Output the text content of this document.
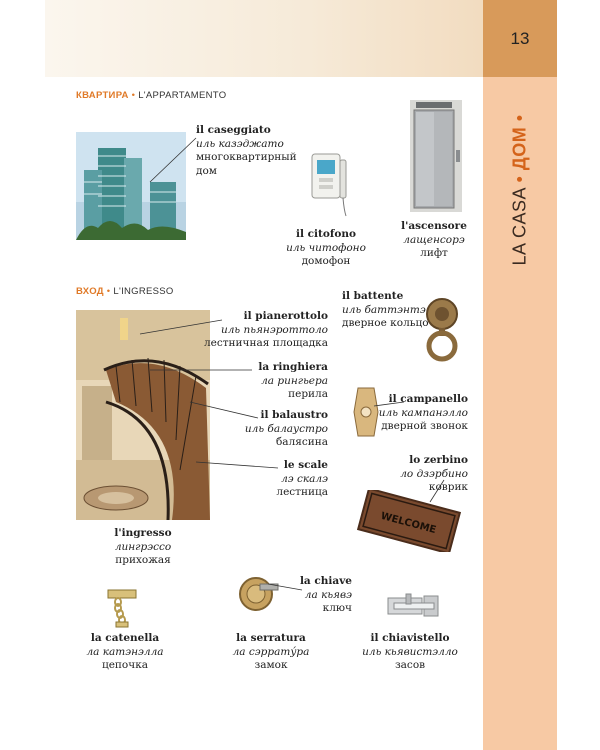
13
LA CASA • ДОМ •
КВАРТИРА • L'APPARTAMENTO
ВХОД • L'INGRESSO
WELCOME
il caseggiato
иль казэджато
многоквартирный
дом
il citofono
иль читофоно
домофон
l'ascensore
лащенсорэ
лифт
il pianerottolo
иль пьянэроттоло
лестничная площадка
la ringhiera
ла рингьера
перила
il balaustro
иль балаустро
балясина
le scale
лэ скалэ
лестница
l'ingresso
лингрэссо
прихожая
il battente
иль баттэнтэ
дверное кольцо
il campanello
иль кампанэлло
дверной звонок
lo zerbino
ло дзэрбино
коврик
la chiave
ла кьявэ
ключ
la catenella
ла катэнэлла
цепочка
la serratura
ла сэррату́ра
замок
il chiavistello
иль кьявистэлло
засов
